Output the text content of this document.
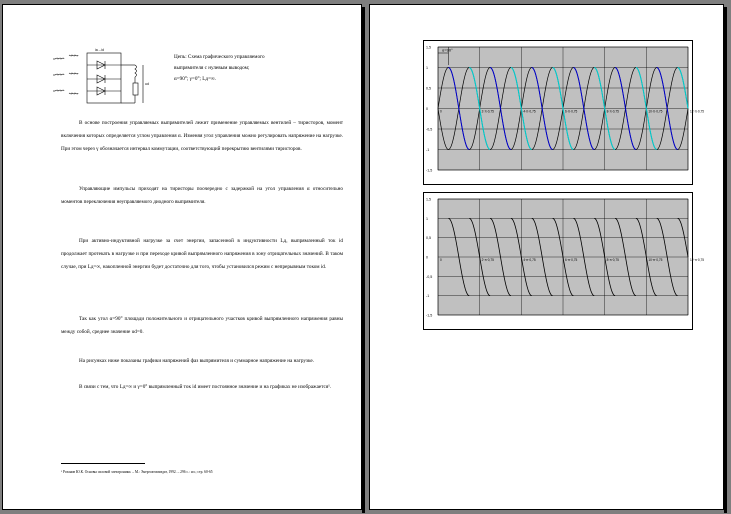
ia→id
ud
Цепь: Схема графического управляемого
выпрямителя с нулевым выводом;
α=90°; γ=0°; Lд=∞.
В основе построения управляемых выпрямителей лежит применение управляемых вентилей – тиристоров, момент включения которых определяется углом управления α. Изменяя угол управления можно регулировать напряжение на нагрузке. При этом через γ обозначается интервал коммутации, соответствующий перекрытию вентилями тиристоров.
Управляющие импульсы приходят на тиристоры поочередно с задержкой на угол управления α относительно моментов переключения неуправляемого диодного выпрямителя.
При активно-индуктивной нагрузке за счет энергии, запасенной в индуктивности Lд, выпрямленный ток id продолжает протекать в нагрузке и при переходе кривой выпрямленного напряжения в зону отрицательных значений. В таком случае, при Lд=∞, накопленной энергии будет достаточно для того, чтобы установился режим с непрерывным током id.
Так как угол α=90° площади положительного и отрицательного участков кривой выпрямленного напряжения равны между собой, среднее значение ud=0.
На рисунках ниже показаны графики напряжений фаз выпрямителя и суммарное напряжение на нагрузке.
В связи с тем, что Lд=∞ и γ=0° выпрямленный ток id имеет постоянное значение и на графиках не изображается¹.
¹ Розанов Ю.К. Основы силовой электроники. – М.: Энергоатомиздат, 1992. – 296 с.: ил.; стр. 60-65
1,5
1
0,5
0
-0,5
-1
-1,5
0	2·π·0,75	4·π·0,75	6·π·0,75	8·π·0,75	10·π·0,75	12·π·0,75
α=90°
1,5
1
0,5
0
-0,5
-1
-1,5
0	2·π·0,75	4·π·0,75	6·π·0,75	8·π·0,75	10·π·0,75	12·π·0,75
